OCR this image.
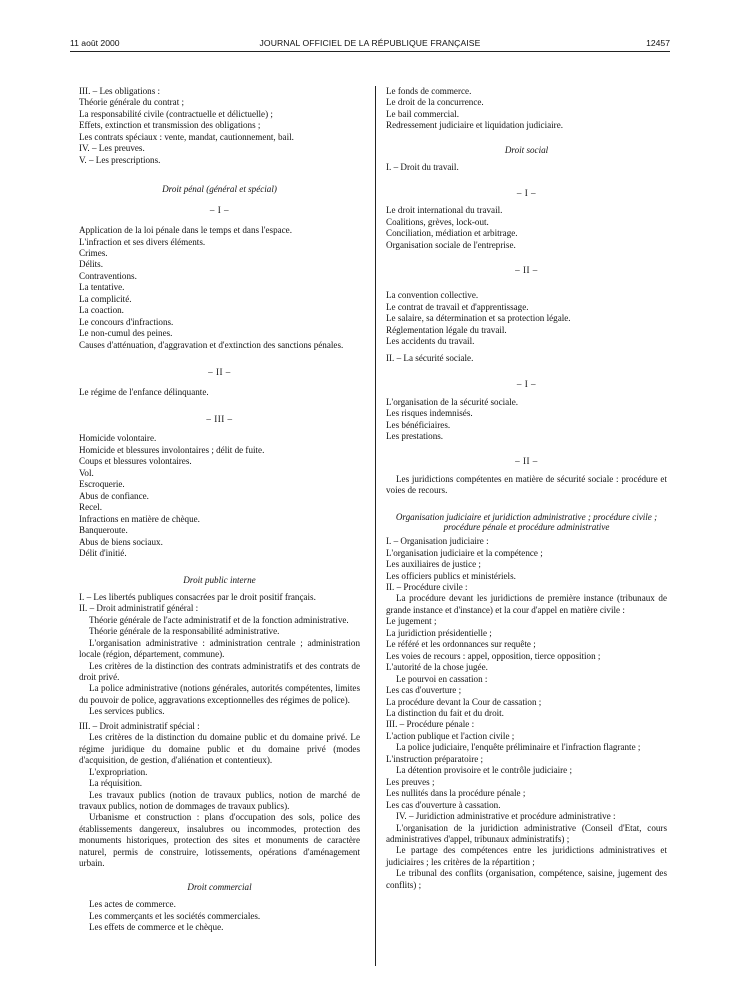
11 août 2000	JOURNAL OFFICIEL DE LA RÉPUBLIQUE FRANÇAISE	12457

III. – Les obligations :

Théorie générale du contrat ;

La responsabilité civile (contractuelle et délictuelle) ;

Effets, extinction et transmission des obligations ;

Les contrats spéciaux : vente, mandat, cautionnement, bail.

IV. – Les preuves.

V. – Les prescriptions.

Droit pénal (général et spécial)

– I –

Application de la loi pénale dans le temps et dans l'espace.

L'infraction et ses divers éléments.

Crimes.

Délits.

Contraventions.

La tentative.

La complicité.

La coaction.

Le concours d'infractions.

Le non-cumul des peines.

Causes d'atténuation, d'aggravation et d'extinction des sanctions pénales.

– II –

Le régime de l'enfance délinquante.

– III –

Homicide volontaire.

Homicide et blessures involontaires ; délit de fuite.

Coups et blessures volontaires.

Vol.

Escroquerie.

Abus de confiance.

Recel.

Infractions en matière de chèque.

Banqueroute.

Abus de biens sociaux.

Délit d'initié.

Droit public interne

I. – Les libertés publiques consacrées par le droit positif français.

II. – Droit administratif général :

Théorie générale de l'acte administratif et de la fonction administrative.

Théorie générale de la responsabilité administrative.

L'organisation administrative : administration centrale ; administration locale (région, département, commune).

Les critères de la distinction des contrats administratifs et des contrats de droit privé.

La police administrative (notions générales, autorités compétentes, limites du pouvoir de police, aggravations exceptionnelles des régimes de police).

Les services publics.

III. – Droit administratif spécial :

Les critères de la distinction du domaine public et du domaine privé. Le régime juridique du domaine public et du domaine privé (modes d'acquisition, de gestion, d'aliénation et contentieux).

L'expropriation.

La réquisition.

Les travaux publics (notion de travaux publics, notion de marché de travaux publics, notion de dommages de travaux publics).

Urbanisme et construction : plans d'occupation des sols, police des établissements dangereux, insalubres ou incommodes, protection des monuments historiques, protection des sites et monuments de caractère naturel, permis de construire, lotissements, opérations d'aménagement urbain.

Droit commercial

Les actes de commerce.

Les commerçants et les sociétés commerciales.

Les effets de commerce et le chèque.

Le fonds de commerce.

Le droit de la concurrence.

Le bail commercial.

Redressement judiciaire et liquidation judiciaire.

Droit social

I. – Droit du travail.

– I –

Le droit international du travail.

Coalitions, grèves, lock-out.

Conciliation, médiation et arbitrage.

Organisation sociale de l'entreprise.

– II –

La convention collective.

Le contrat de travail et d'apprentissage.

Le salaire, sa détermination et sa protection légale.

Réglementation légale du travail.

Les accidents du travail.

II. – La sécurité sociale.

– I –

L'organisation de la sécurité sociale.

Les risques indemnisés.

Les bénéficiaires.

Les prestations.

– II –

Les juridictions compétentes en matière de sécurité sociale : procédure et voies de recours.

Organisation judiciaire et juridiction administrative ; procédure civile ; procédure pénale et procédure administrative

I. – Organisation judiciaire :

L'organisation judiciaire et la compétence ;

Les auxiliaires de justice ;

Les officiers publics et ministériels.

II. – Procédure civile :

La procédure devant les juridictions de première instance (tribunaux de grande instance et d'instance) et la cour d'appel en matière civile :

Le jugement ;

La juridiction présidentielle ;

Le référé et les ordonnances sur requête ;

Les voies de recours : appel, opposition, tierce opposition ;

L'autorité de la chose jugée.

Le pourvoi en cassation :

Les cas d'ouverture ;

La procédure devant la Cour de cassation ;

La distinction du fait et du droit.

III. – Procédure pénale :

L'action publique et l'action civile ;

La police judiciaire, l'enquête préliminaire et l'infraction flagrante ;

L'instruction préparatoire ;

La détention provisoire et le contrôle judiciaire ;

Les preuves ;

Les nullités dans la procédure pénale ;

Les cas d'ouverture à cassation.

IV. – Juridiction administrative et procédure administrative :

L'organisation de la juridiction administrative (Conseil d'Etat, cours administratives d'appel, tribunaux administratifs) ;

Le partage des compétences entre les juridictions administratives et judiciaires ; les critères de la répartition ;

Le tribunal des conflits (organisation, compétence, saisine, jugement des conflits) ;
